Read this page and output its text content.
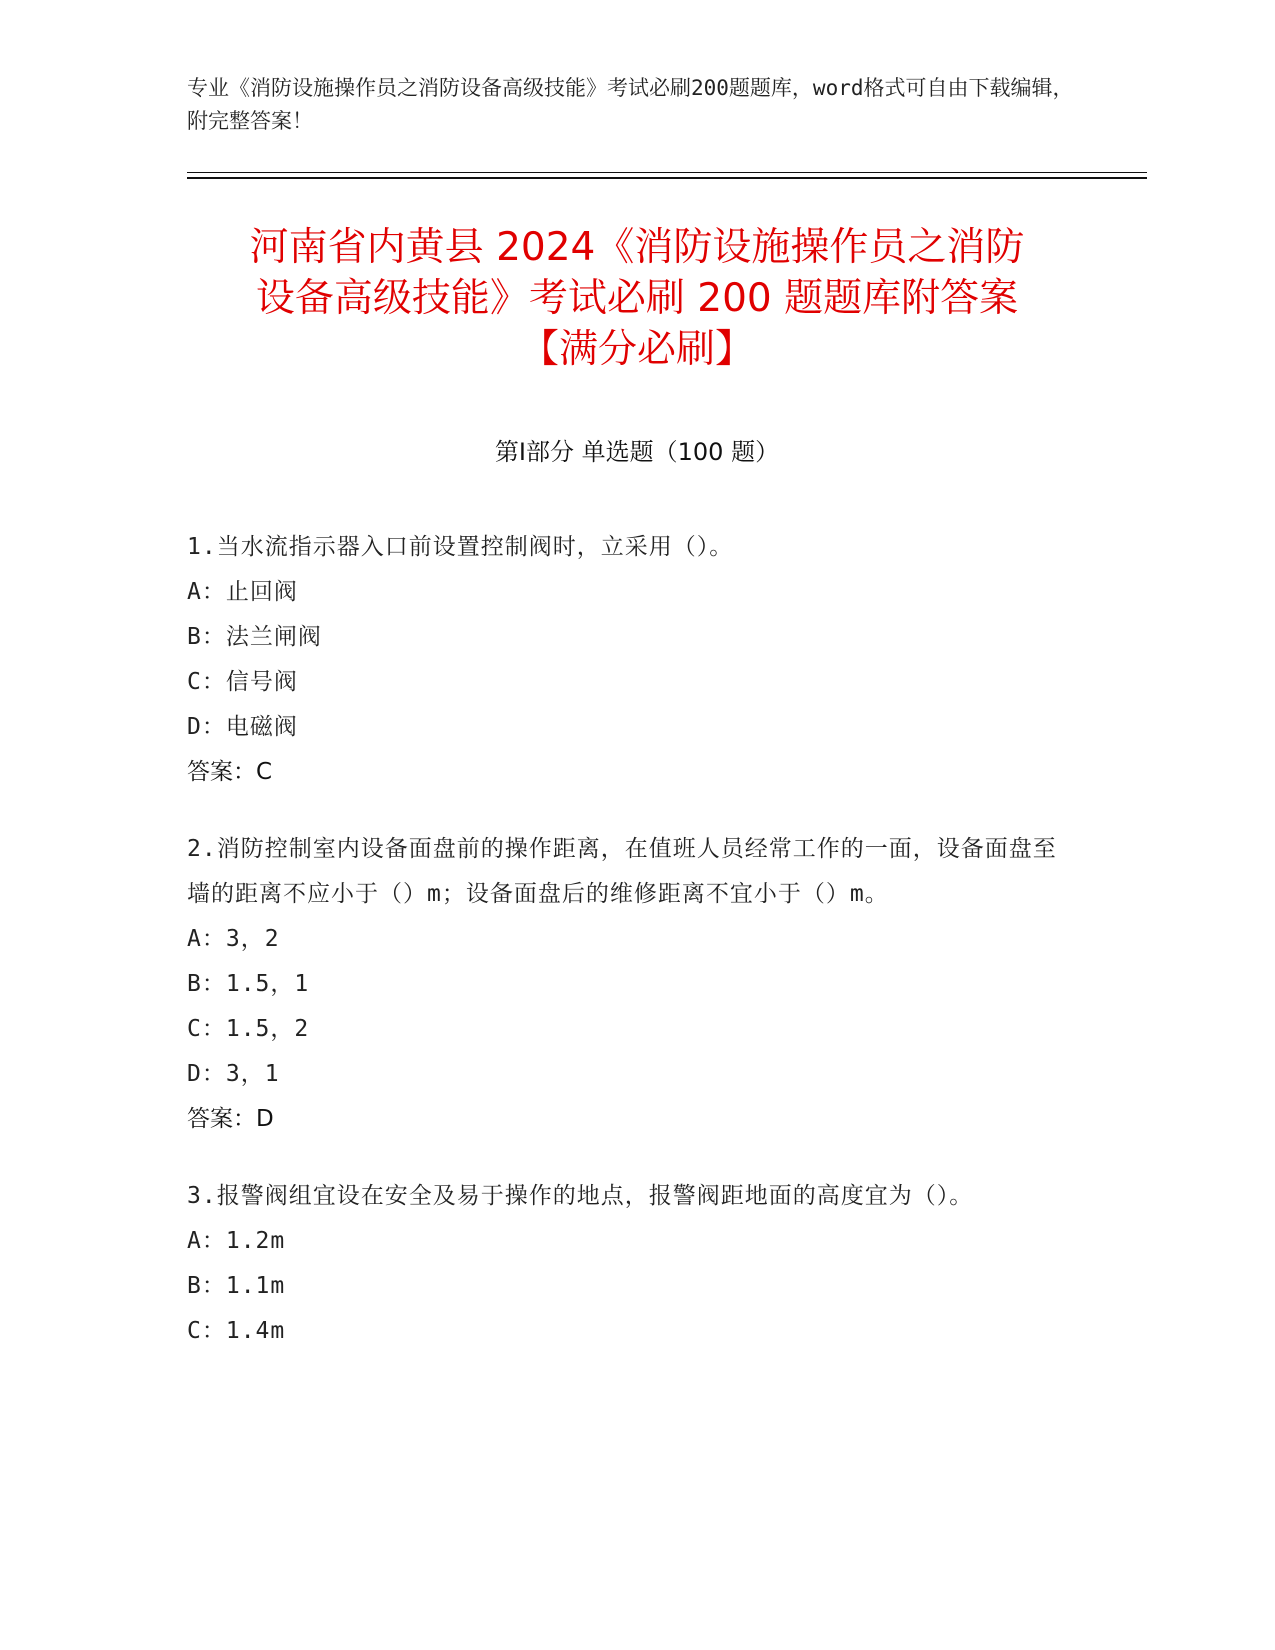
专业《消防设施操作员之消防设备高级技能》考试必刷200题题库，word格式可自由下载编辑，附完整答案！
河南省内黄县 2024《消防设施操作员之消防
设备高级技能》考试必刷 200 题题库附答案
【满分必刷】
第Ⅰ部分 单选题（100 题）
1.当水流指示器入口前设置控制阀时，立采用（）。
A：止回阀
B：法兰闸阀
C：信号阀
D：电磁阀
答案：C
2.消防控制室内设备面盘前的操作距离，在值班人员经常工作的一面，设备面盘至墙的距离不应小于（）m；设备面盘后的维修距离不宜小于（）m。
A：3，2
B：1.5，1
C：1.5，2
D：3，1
答案：D
3.报警阀组宜设在安全及易于操作的地点，报警阀距地面的高度宜为（）。
A：1.2m
B：1.1m
C：1.4m
